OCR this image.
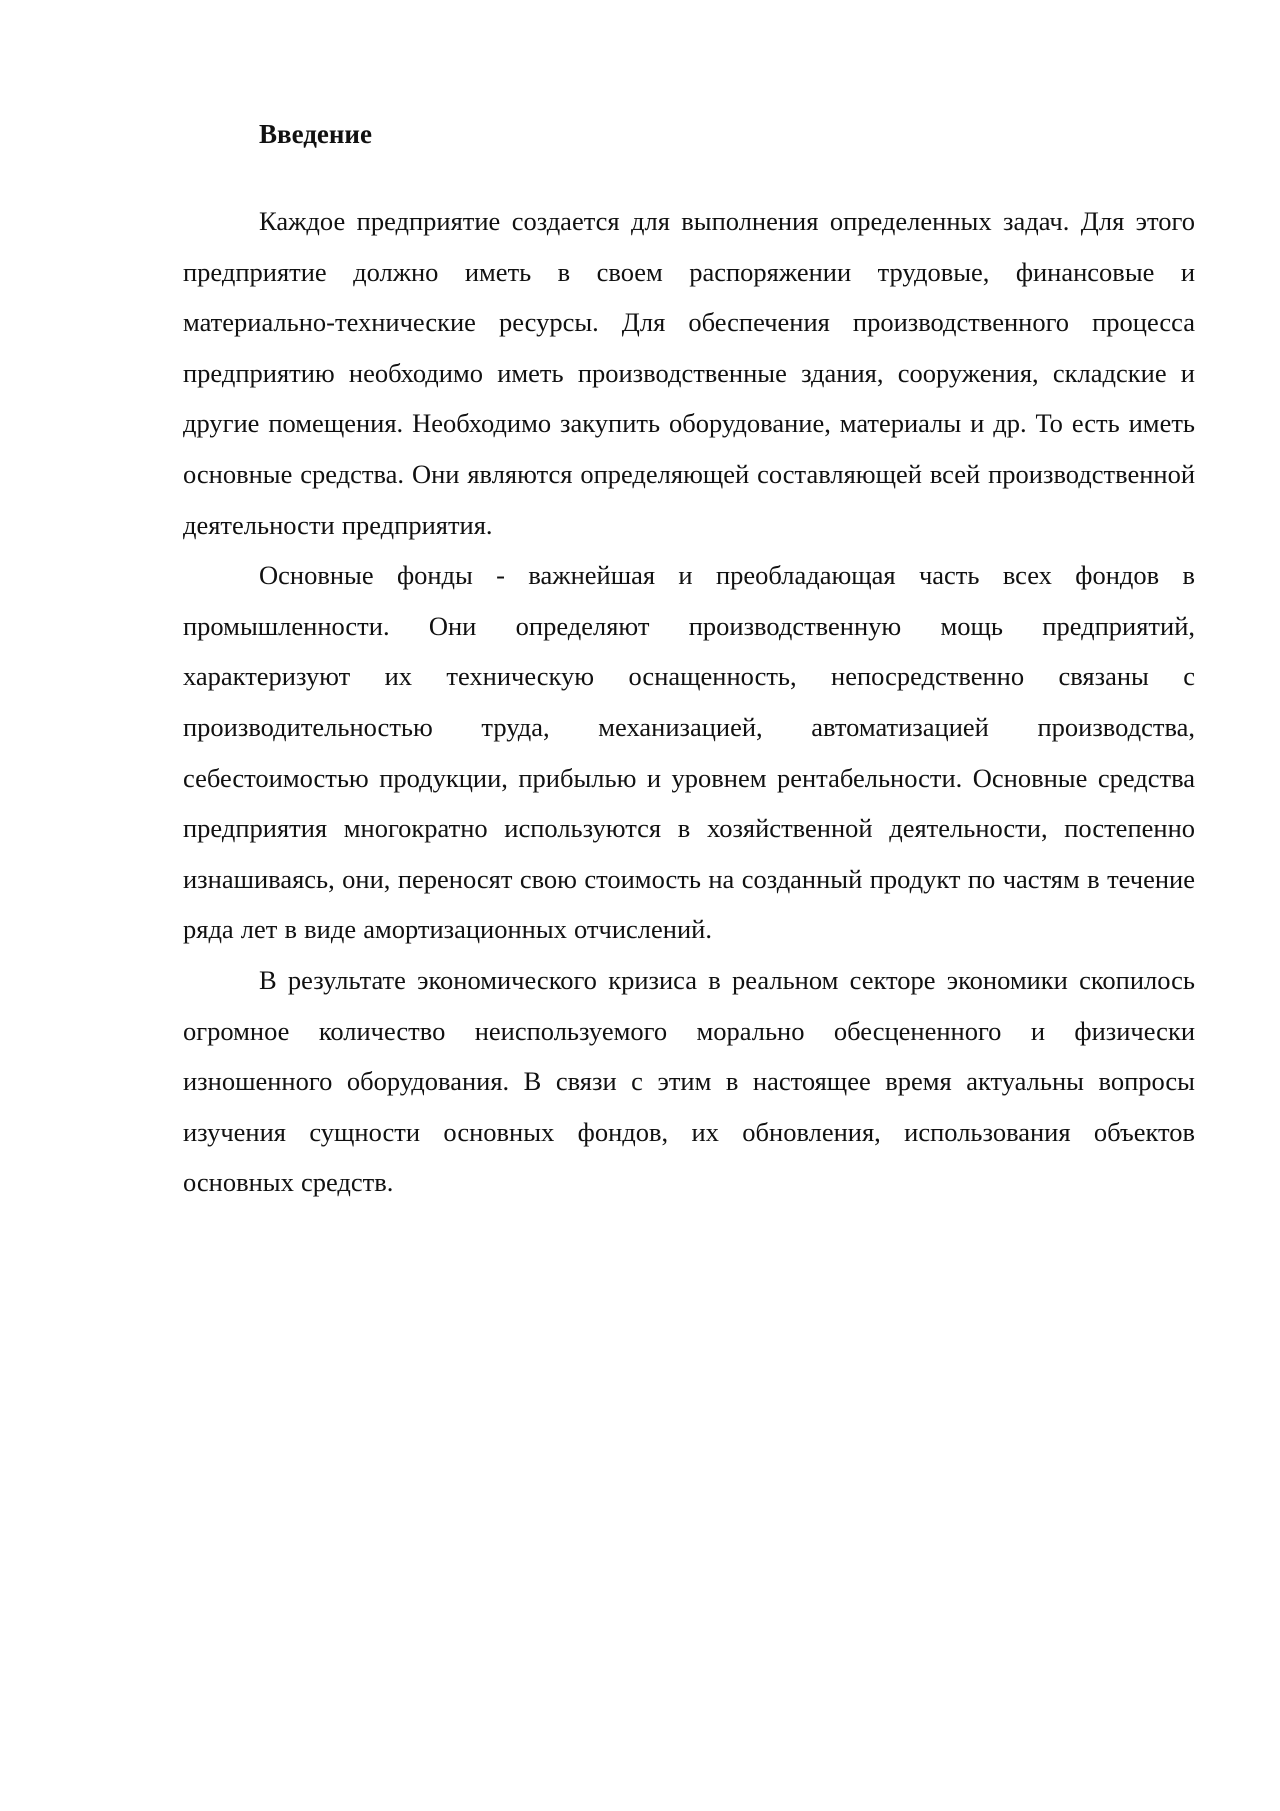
Введение

Каждое предприятие создается для выполнения определенных задач. Для этого предприятие должно иметь в своем распоряжении трудовые, финансовые и материально-технические ресурсы. Для обеспечения производственного процесса предприятию необходимо иметь производственные здания, сооружения, складские и другие помещения. Необходимо закупить оборудование, материалы и др. То есть иметь основные средства. Они являются определяющей составляющей всей производственной деятельности предприятия.

Основные фонды - важнейшая и преобладающая часть всех фондов в промышленности. Они определяют производственную мощь предприятий, характеризуют их техническую оснащенность, непосредственно связаны с производительностью труда, механизацией, автоматизацией производства, себестоимостью продукции, прибылью и уровнем рентабельности. Основные средства предприятия многократно используются в хозяйственной деятельности, постепенно изнашиваясь, они, переносят свою стоимость на созданный продукт по частям в течение ряда лет в виде амортизационных отчислений.

В результате экономического кризиса в реальном секторе экономики скопилось огромное количество неиспользуемого морально обесцененного и физически изношенного оборудования. В связи с этим в настоящее время актуальны вопросы изучения сущности основных фондов, их обновления, использования объектов основных средств.
